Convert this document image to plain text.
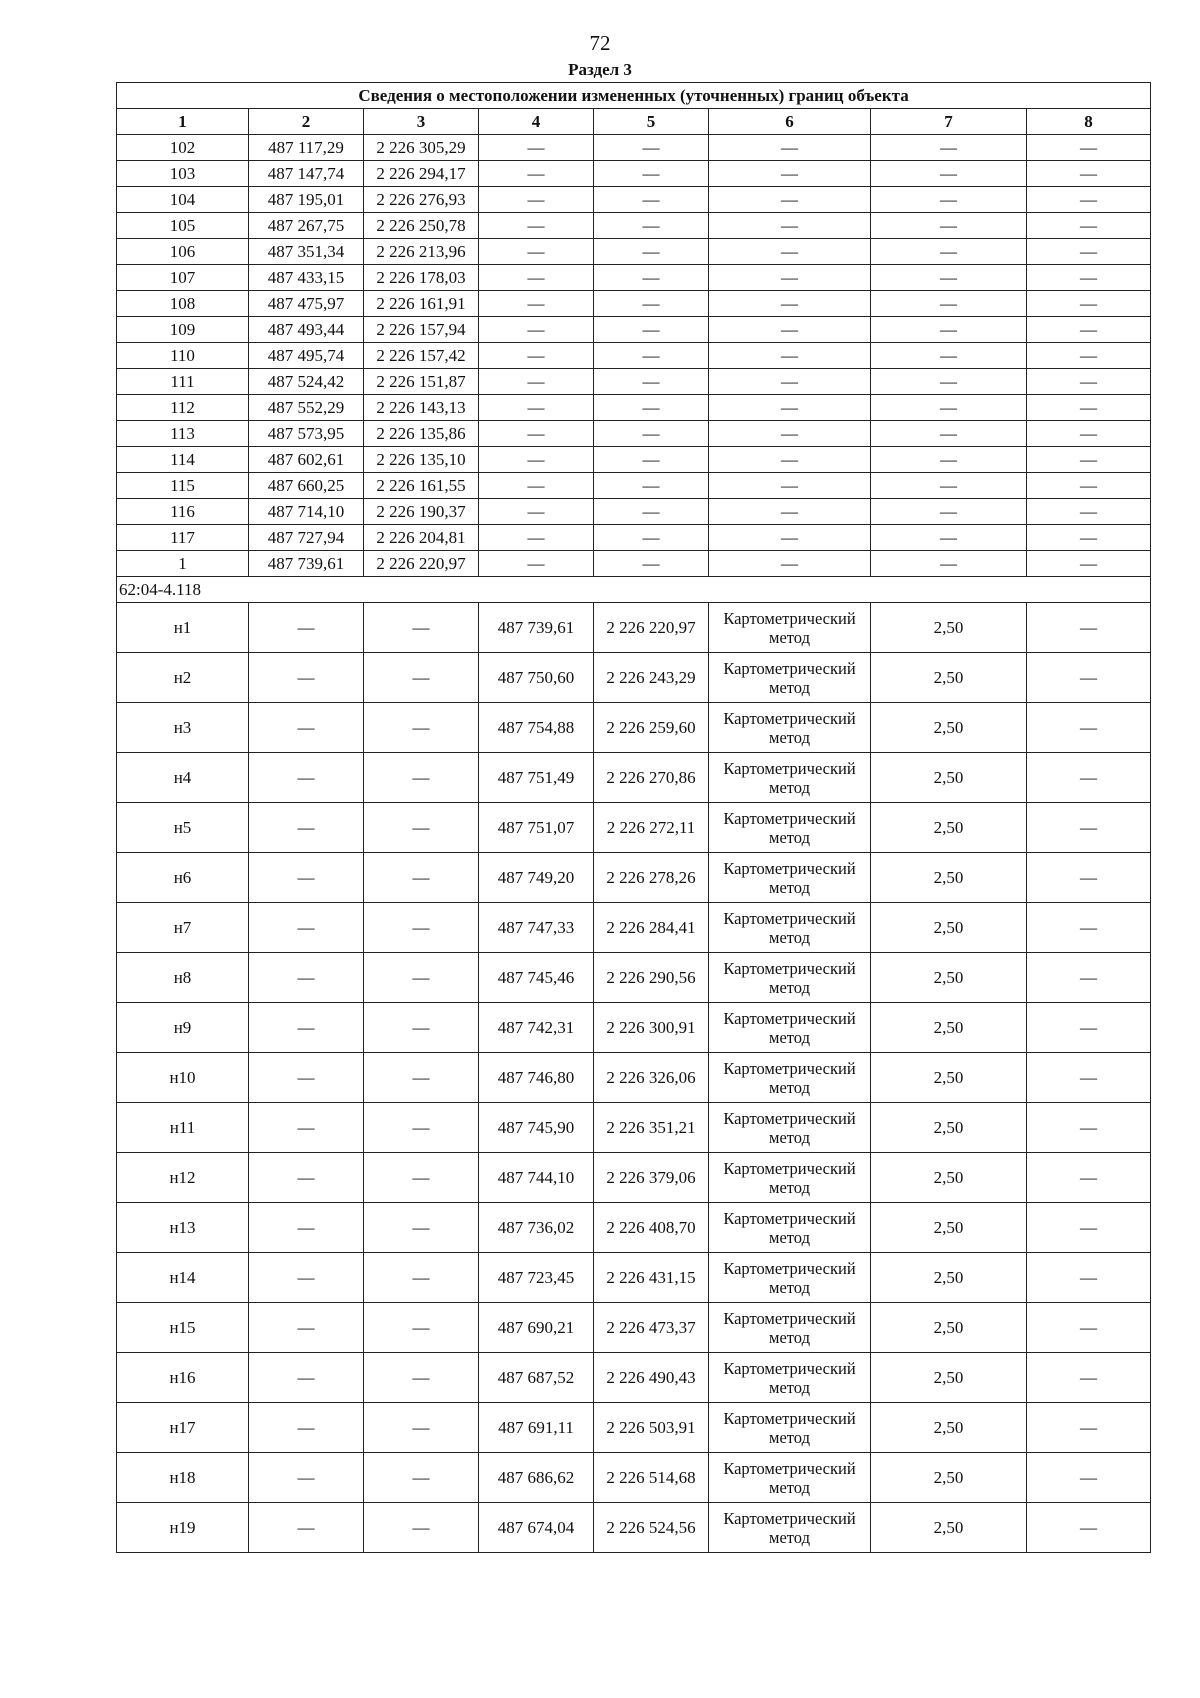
72
Раздел 3
Сведения о местоположении измененных (уточненных) границ объекта							
1	2	3	4	5	6	7	8
102	487 117,29	2 226 305,29	—	—	—	—	—
103	487 147,74	2 226 294,17	—	—	—	—	—
104	487 195,01	2 226 276,93	—	—	—	—	—
105	487 267,75	2 226 250,78	—	—	—	—	—
106	487 351,34	2 226 213,96	—	—	—	—	—
107	487 433,15	2 226 178,03	—	—	—	—	—
108	487 475,97	2 226 161,91	—	—	—	—	—
109	487 493,44	2 226 157,94	—	—	—	—	—
110	487 495,74	2 226 157,42	—	—	—	—	—
111	487 524,42	2 226 151,87	—	—	—	—	—
112	487 552,29	2 226 143,13	—	—	—	—	—
113	487 573,95	2 226 135,86	—	—	—	—	—
114	487 602,61	2 226 135,10	—	—	—	—	—
115	487 660,25	2 226 161,55	—	—	—	—	—
116	487 714,10	2 226 190,37	—	—	—	—	—
117	487 727,94	2 226 204,81	—	—	—	—	—
1	487 739,61	2 226 220,97	—	—	—	—	—
62:04-4.118							
н1	—	—	487 739,61	2 226 220,97	Картометрический метод	2,50	—
н2	—	—	487 750,60	2 226 243,29	Картометрический метод	2,50	—
н3	—	—	487 754,88	2 226 259,60	Картометрический метод	2,50	—
н4	—	—	487 751,49	2 226 270,86	Картометрический метод	2,50	—
н5	—	—	487 751,07	2 226 272,11	Картометрический метод	2,50	—
н6	—	—	487 749,20	2 226 278,26	Картометрический метод	2,50	—
н7	—	—	487 747,33	2 226 284,41	Картометрический метод	2,50	—
н8	—	—	487 745,46	2 226 290,56	Картометрический метод	2,50	—
н9	—	—	487 742,31	2 226 300,91	Картометрический метод	2,50	—
н10	—	—	487 746,80	2 226 326,06	Картометрический метод	2,50	—
н11	—	—	487 745,90	2 226 351,21	Картометрический метод	2,50	—
н12	—	—	487 744,10	2 226 379,06	Картометрический метод	2,50	—
н13	—	—	487 736,02	2 226 408,70	Картометрический метод	2,50	—
н14	—	—	487 723,45	2 226 431,15	Картометрический метод	2,50	—
н15	—	—	487 690,21	2 226 473,37	Картометрический метод	2,50	—
н16	—	—	487 687,52	2 226 490,43	Картометрический метод	2,50	—
н17	—	—	487 691,11	2 226 503,91	Картометрический метод	2,50	—
н18	—	—	487 686,62	2 226 514,68	Картометрический метод	2,50	—
н19	—	—	487 674,04	2 226 524,56	Картометрический метод	2,50	—
